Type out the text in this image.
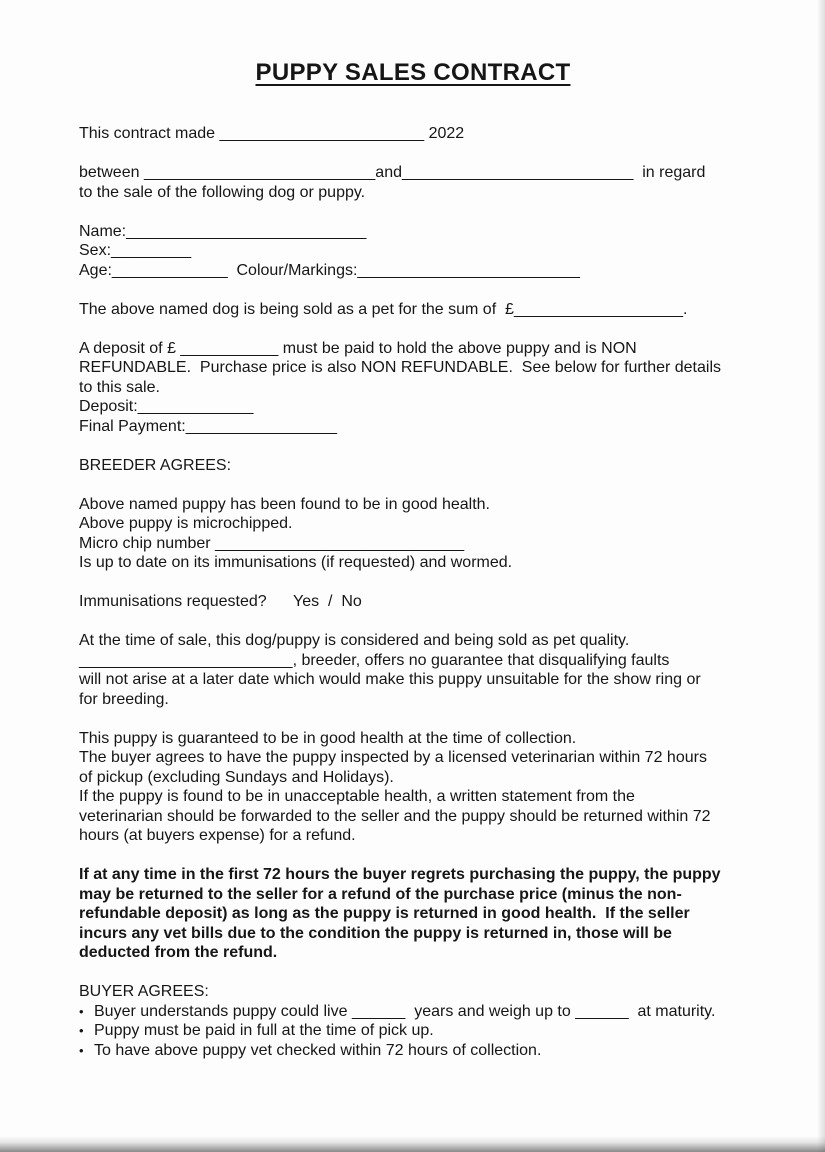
PUPPY SALES CONTRACT
This contract made _______________________ 2022
between __________________________and__________________________  in regard
to the sale of the following dog or puppy.
Name:___________________________
Sex:_________
Age:_____________  Colour/Markings:_________________________
The above named dog is being sold as a pet for the sum of  £___________________.
A deposit of £ ___________ must be paid to hold the above puppy and is NON
REFUNDABLE.  Purchase price is also NON REFUNDABLE.  See below for further details
to this sale.
Deposit:_____________
Final Payment:_________________
BREEDER AGREES:
Above named puppy has been found to be in good health.
Above puppy is microchipped.
Micro chip number ____________________________
Is up to date on its immunisations (if requested) and wormed.
Immunisations requested?      Yes  /  No
At the time of sale, this dog/puppy is considered and being sold as pet quality.
________________________, breeder, offers no guarantee that disqualifying faults
will not arise at a later date which would make this puppy unsuitable for the show ring or
for breeding.
This puppy is guaranteed to be in good health at the time of collection.
The buyer agrees to have the puppy inspected by a licensed veterinarian within 72 hours
of pickup (excluding Sundays and Holidays).
If the puppy is found to be in unacceptable health, a written statement from the
veterinarian should be forwarded to the seller and the puppy should be returned within 72
hours (at buyers expense) for a refund.
If at any time in the first 72 hours the buyer regrets purchasing the puppy, the puppy
may be returned to the seller for a refund of the purchase price (minus the non-
refundable deposit) as long as the puppy is returned in good health.  If the seller
incurs any vet bills due to the condition the puppy is returned in, those will be
deducted from the refund.
BUYER AGREES:
• Buyer understands puppy could live ______  years and weigh up to ______  at maturity.
• Puppy must be paid in full at the time of pick up.
• To have above puppy vet checked within 72 hours of collection.
